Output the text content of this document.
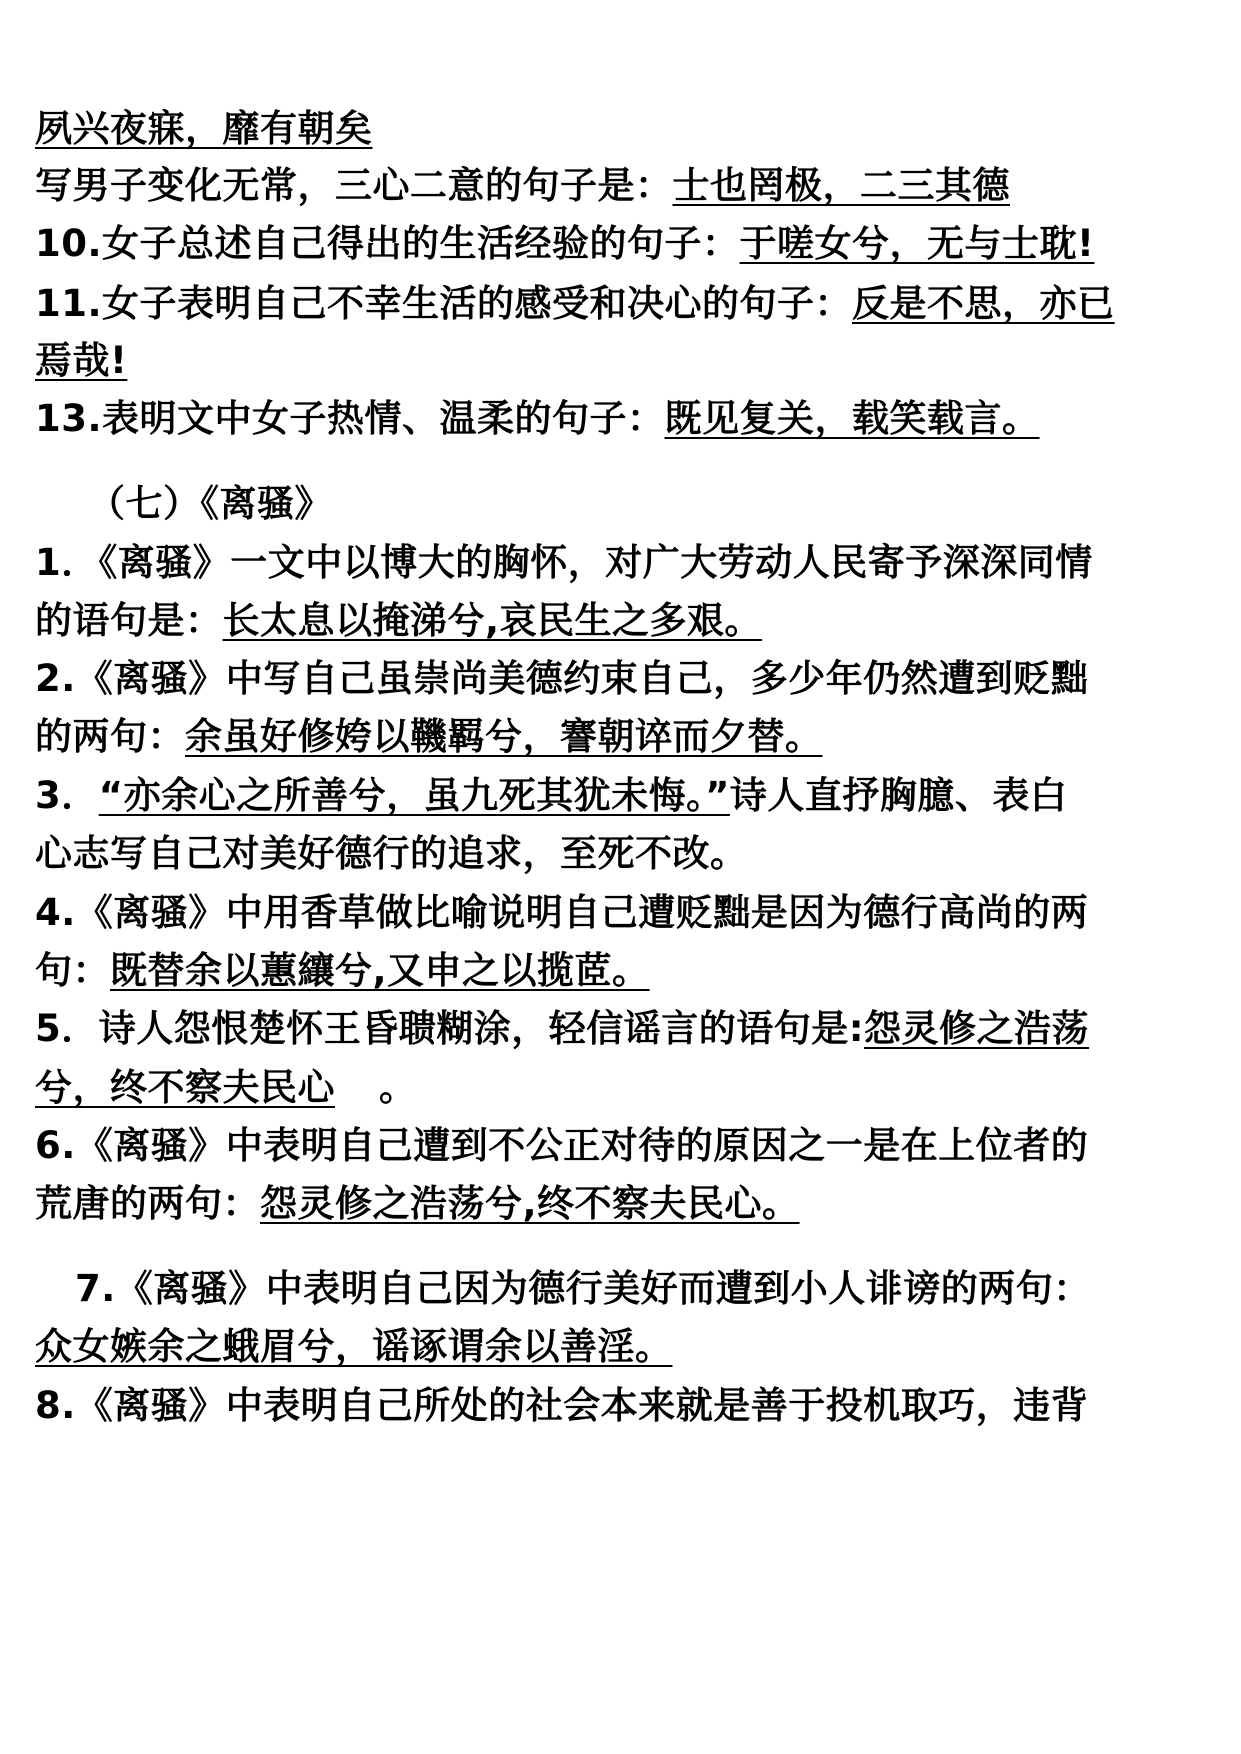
夙兴夜寐，靡有朝矣
写男子变化无常，三心二意的句子是：士也罔极，二三其德
10.女子总述自己得出的生活经验的句子：于嗟女兮，无与士耽!
11.女子表明自己不幸生活的感受和决心的句子：反是不思，亦已
焉哉!
13.表明文中女子热情、温柔的句子：既见复关，载笑载言。
（七）《离骚》
1．《离骚》一文中以博大的胸怀，对广大劳动人民寄予深深同情
的语句是：长太息以掩涕兮,哀民生之多艰。
2.《离骚》中写自己虽崇尚美德约束自己，多少年仍然遭到贬黜
的两句：余虽好修姱以鞿羁兮，謇朝谇而夕替。
3．“亦余心之所善兮，虽九死其犹未悔。”诗人直抒胸臆、表白
心志写自己对美好德行的追求，至死不改。
4.《离骚》中用香草做比喻说明自己遭贬黜是因为德行高尚的两
句：既替余以蕙纕兮,又申之以揽茝。
5．诗人怨恨楚怀王昏聩糊涂，轻信谣言的语句是:怨灵修之浩荡
兮，终不察夫民心 。
6.《离骚》中表明自己遭到不公正对待的原因之一是在上位者的
荒唐的两句：怨灵修之浩荡兮,终不察夫民心。
7.《离骚》中表明自己因为德行美好而遭到小人诽谤的两句：
众女嫉余之蛾眉兮，谣诼谓余以善淫。
8.《离骚》中表明自己所处的社会本来就是善于投机取巧，违背
